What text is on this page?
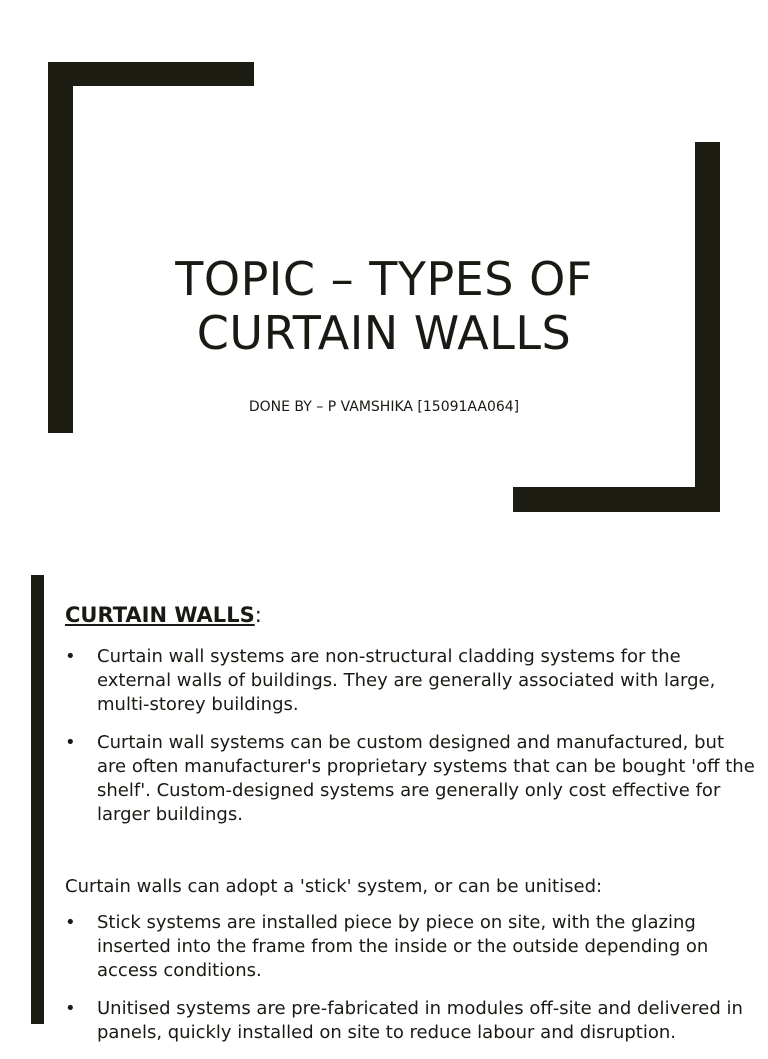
TOPIC – TYPES OF
CURTAIN WALLS
DONE BY – P VAMSHIKA [15091AA064]
CURTAIN WALLS:
• Curtain wall systems are non-structural cladding systems for the external walls of buildings. They are generally associated with large, multi-storey buildings.
• Curtain wall systems can be custom designed and manufactured, but are often manufacturer's proprietary systems that can be bought 'off the shelf'. Custom-designed systems are generally only cost effective for larger buildings.
Curtain walls can adopt a 'stick' system, or can be unitised:
• Stick systems are installed piece by piece on site, with the glazing inserted into the frame from the inside or the outside depending on access conditions.
• Unitised systems are pre-fabricated in modules off-site and delivered in panels, quickly installed on site to reduce labour and disruption.
